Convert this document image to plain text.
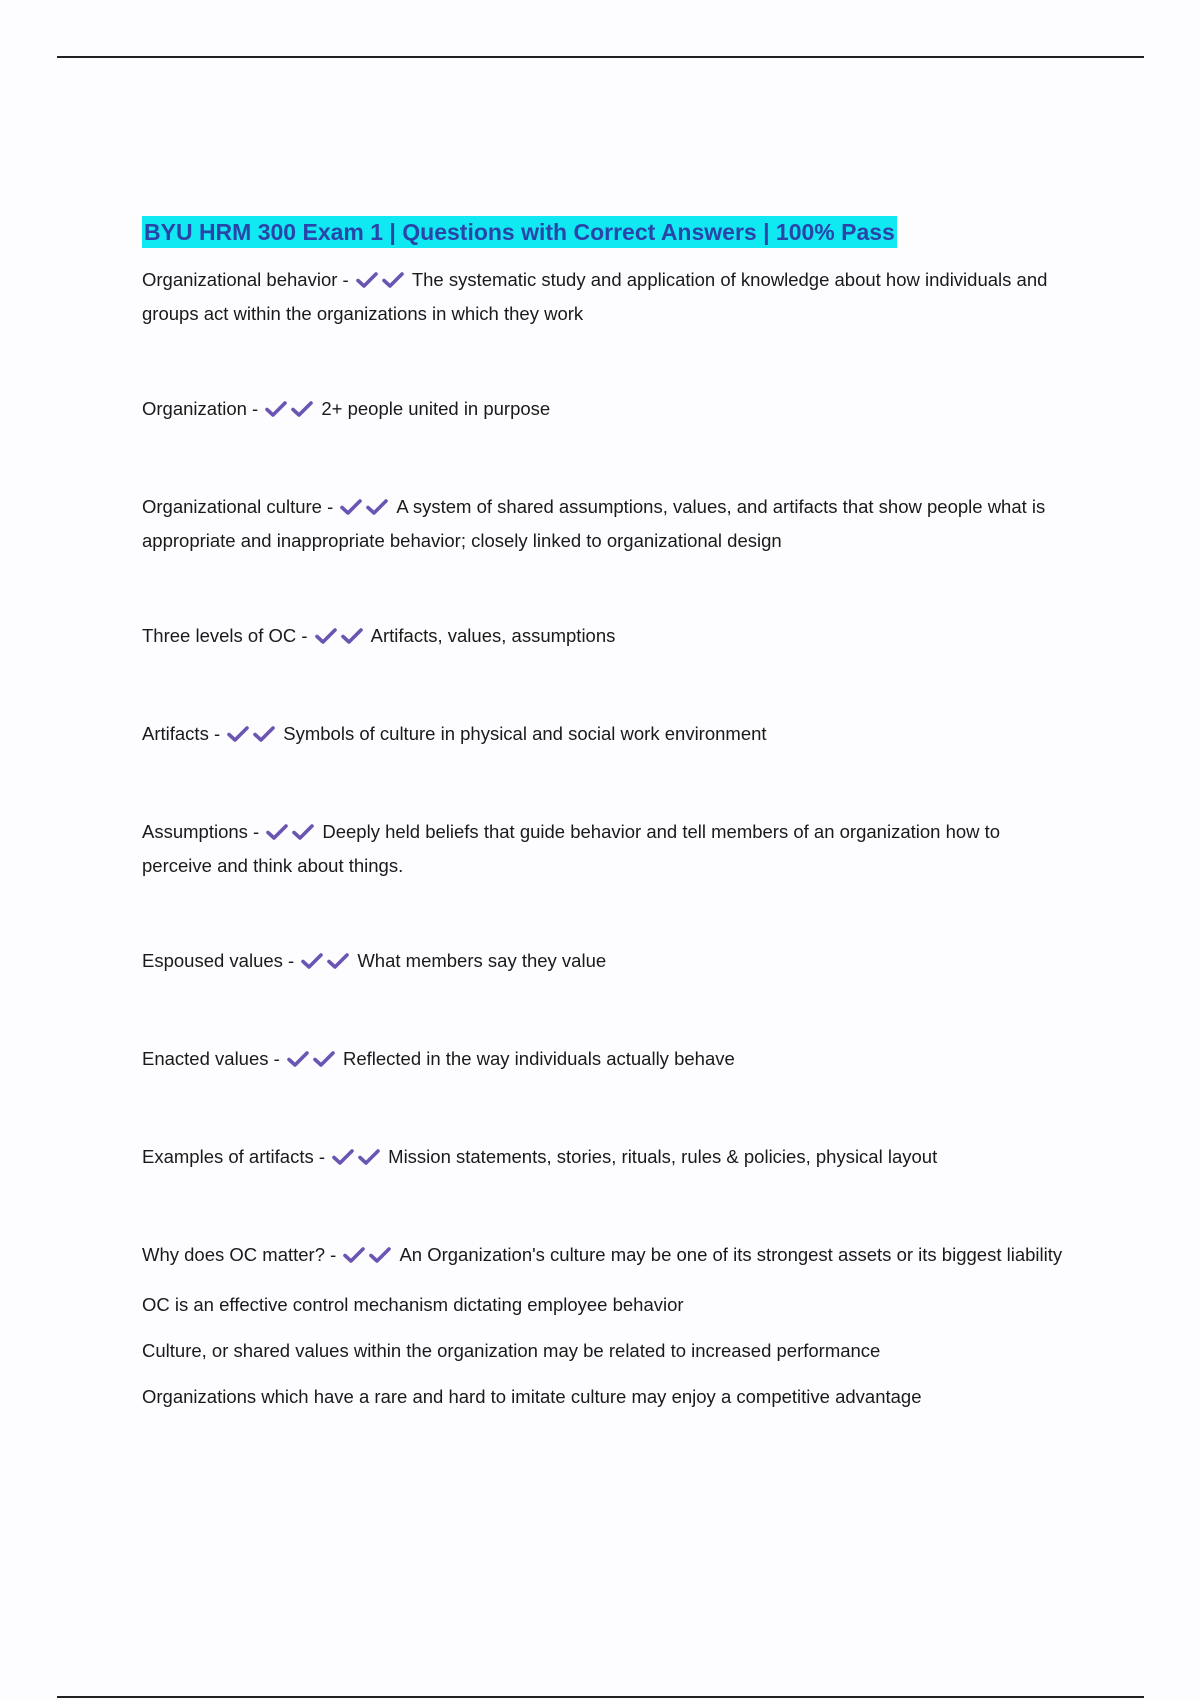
BYU HRM 300 Exam 1 | Questions with Correct Answers | 100% Pass

Organizational behavior -	The systematic study and application of knowledge about how individuals and groups act within the organizations in which they work

Organization -	2+ people united in purpose

Organizational culture -	A system of shared assumptions, values, and artifacts that show people what is appropriate and inappropriate behavior; closely linked to organizational design

Three levels of OC -	Artifacts, values, assumptions

Artifacts -	Symbols of culture in physical and social work environment

Assumptions -	Deeply held beliefs that guide behavior and tell members of an organization how to perceive and think about things.

Espoused values -	What members say they value

Enacted values -	Reflected in the way individuals actually behave

Examples of artifacts -	Mission statements, stories, rituals, rules & policies, physical layout

Why does OC matter? -	An Organization's culture may be one of its strongest assets or its biggest liability

OC is an effective control mechanism dictating employee behavior

Culture, or shared values within the organization may be related to increased performance

Organizations which have a rare and hard to imitate culture may enjoy a competitive advantage
